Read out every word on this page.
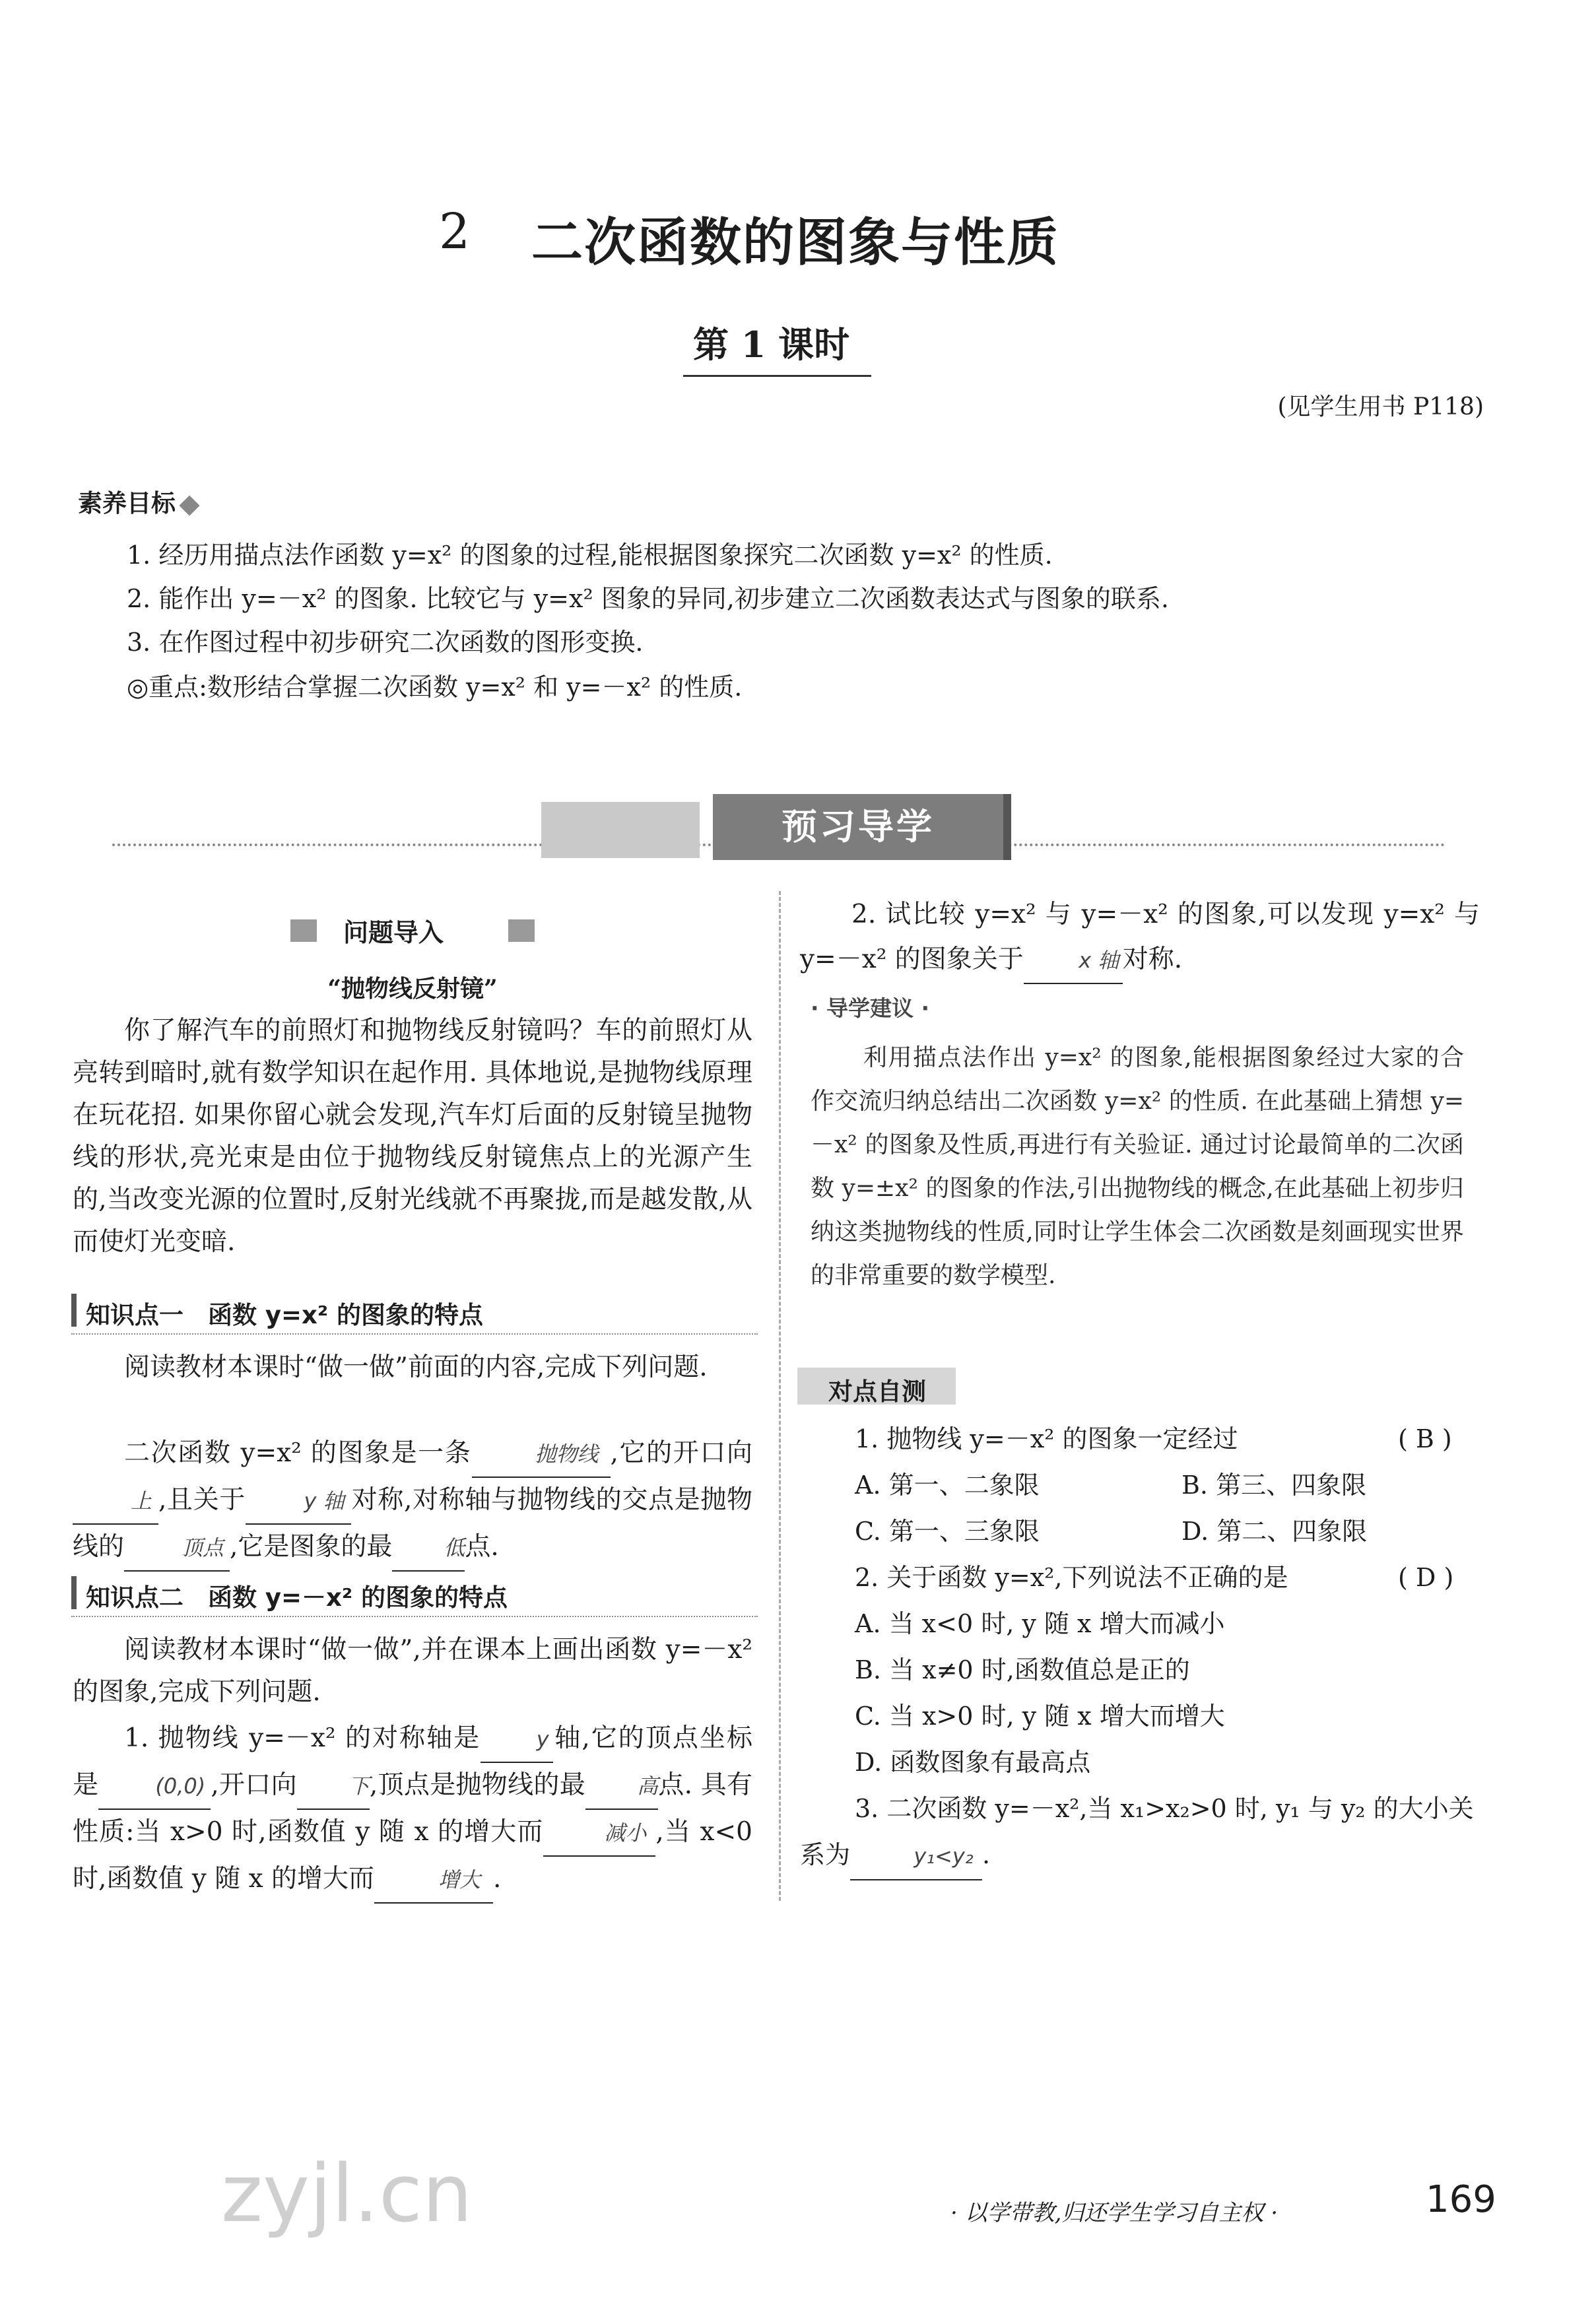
2 二次函数的图象与性质
第 1 课时
(见学生用书 P118)
素养目标
1. 经历用描点法作函数 y=x² 的图象的过程,能根据图象探究二次函数 y=x² 的性质.
2. 能作出 y=－x² 的图象. 比较它与 y=x² 图象的异同,初步建立二次函数表达式与图象的联系.
3. 在作图过程中初步研究二次函数的图形变换.
◎重点:数形结合掌握二次函数 y=x² 和 y=－x² 的性质.
预习导学
问题导入
“抛物线反射镜”
你了解汽车的前照灯和抛物线反射镜吗？车的前照灯从亮转到暗时,就有数学知识在起作用. 具体地说,是抛物线原理在玩花招. 如果你留心就会发现,汽车灯后面的反射镜呈抛物线的形状,亮光束是由位于抛物线反射镜焦点上的光源产生的,当改变光源的位置时,反射光线就不再聚拢,而是越发散,从而使灯光变暗.
知识点一　函数 y=x² 的图象的特点
阅读教材本课时“做一做”前面的内容,完成下列问题.
二次函数 y=x² 的图象是一条	抛物线 ,它的开口向上 ,且关于	y 轴 对称,对称轴与抛物线的交点是抛物线的	顶点 ,它是图象的最 低点.
知识点二　函数 y=－x² 的图象的特点
阅读教材本课时“做一做”,并在课本上画出函数 y=－x² 的图象,完成下列问题.
1. 抛物线 y=－x² 的对称轴是	y 轴,它的顶点坐标是	(0,0) ,开口向 下,顶点是抛物线的最 高点. 具有性质:当 x>0 时,函数值 y 随 x 的增大而	减小 ,当 x<0 时,函数值 y 随 x 的增大而	增大 .
2. 试比较 y=x² 与 y=－x² 的图象,可以发现 y=x² 与 y=－x² 的图象关于	x 轴 对称.
· 导学建议 ·
利用描点法作出 y=x² 的图象,能根据图象经过大家的合作交流归纳总结出二次函数 y=x² 的性质. 在此基础上猜想 y=－x² 的图象及性质,再进行有关验证. 通过讨论最简单的二次函数 y=±x² 的图象的作法,引出抛物线的概念,在此基础上初步归纳这类抛物线的性质,同时让学生体会二次函数是刻画现实世界的非常重要的数学模型.
对点自测
1. 抛物线 y=－x² 的图象一定经过	( B )
A. 第一、二象限	B. 第三、四象限
C. 第一、三象限	D. 第二、四象限
2. 关于函数 y=x²,下列说法不正确的是	( D )
A. 当 x<0 时, y 随 x 增大而减小
B. 当 x≠0 时,函数值总是正的
C. 当 x>0 时, y 随 x 增大而增大
D. 函数图象有最高点
3. 二次函数 y=－x²,当 x₁>x₂>0 时, y₁ 与 y₂ 的大小关系为	y₁<y₂ .
zyjl.cn	· 以学带教,归还学生学习自主权 ·	169
